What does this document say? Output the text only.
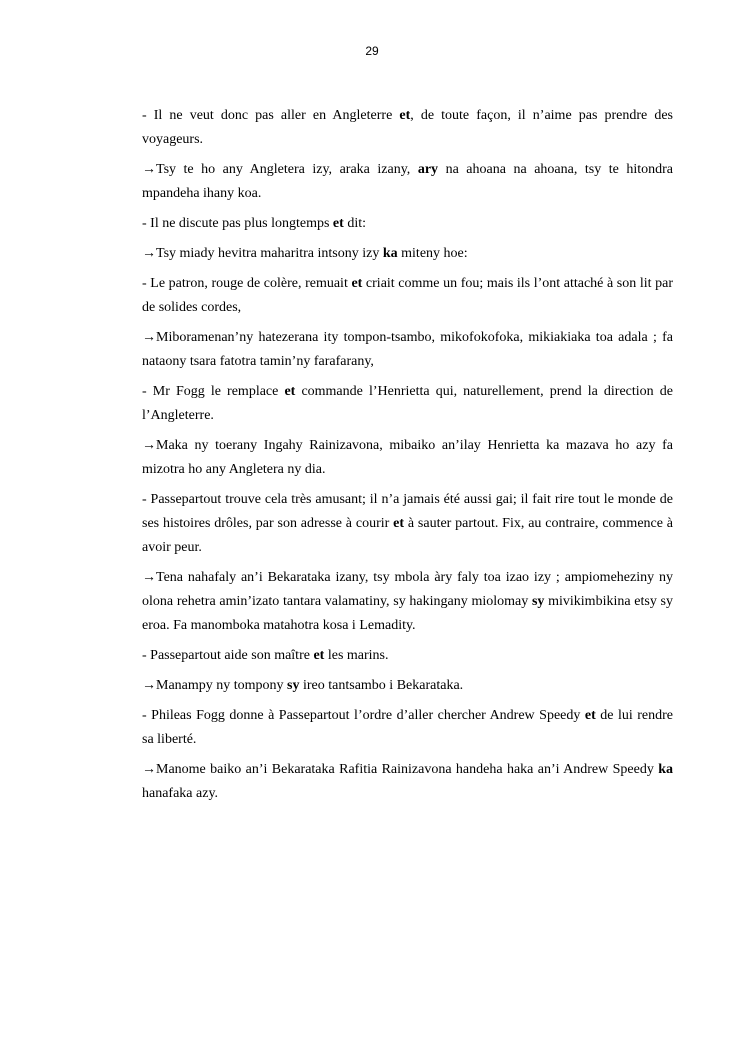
29

- Il ne veut donc pas aller en Angleterre et, de toute façon, il n’aime pas prendre des voyageurs.

→Tsy te ho any Angletera izy, araka izany, ary na ahoana na ahoana, tsy te hitondra mpandeha ihany koa.

- Il ne discute pas plus longtemps et dit:

→Tsy miady hevitra maharitra intsony izy ka miteny hoe:

- Le patron, rouge de colère, remuait et criait comme un fou; mais ils l’ont attaché à son lit par de solides cordes,

→Miboramenan’ny hatezerana ity tompon-tsambo, mikofokofoka, mikiakiaka toa adala ; fa nataony tsara fatotra tamin’ny farafarany,

- Mr Fogg le remplace et commande l’Henrietta qui, naturellement, prend la direction de l’Angleterre.

→Maka ny toerany Ingahy Rainizavona, mibaiko an’ilay Henrietta ka mazava ho azy fa mizotra ho any Angletera ny dia.

- Passepartout trouve cela très amusant; il n’a jamais été aussi gai; il fait rire tout le monde de ses histoires drôles, par son adresse à courir et à sauter partout. Fix, au contraire, commence à avoir peur.

→Tena nahafaly an’i Bekarataka izany, tsy mbola àry faly toa izao izy ; ampiomeheziny ny olona rehetra amin’izato tantara valamatiny, sy hakingany miolomay sy mivikimbikina etsy sy eroa. Fa manomboka matahotra kosa i Lemadity.

- Passepartout aide son maître et les marins.

→Manampy ny tompony sy ireo tantsambo i Bekarataka.

- Phileas Fogg donne à Passepartout l’ordre d’aller chercher Andrew Speedy et de lui rendre sa liberté.

→Manome baiko an’i Bekarataka Rafitia Rainizavona handeha haka an’i Andrew Speedy ka hanafaka azy.
